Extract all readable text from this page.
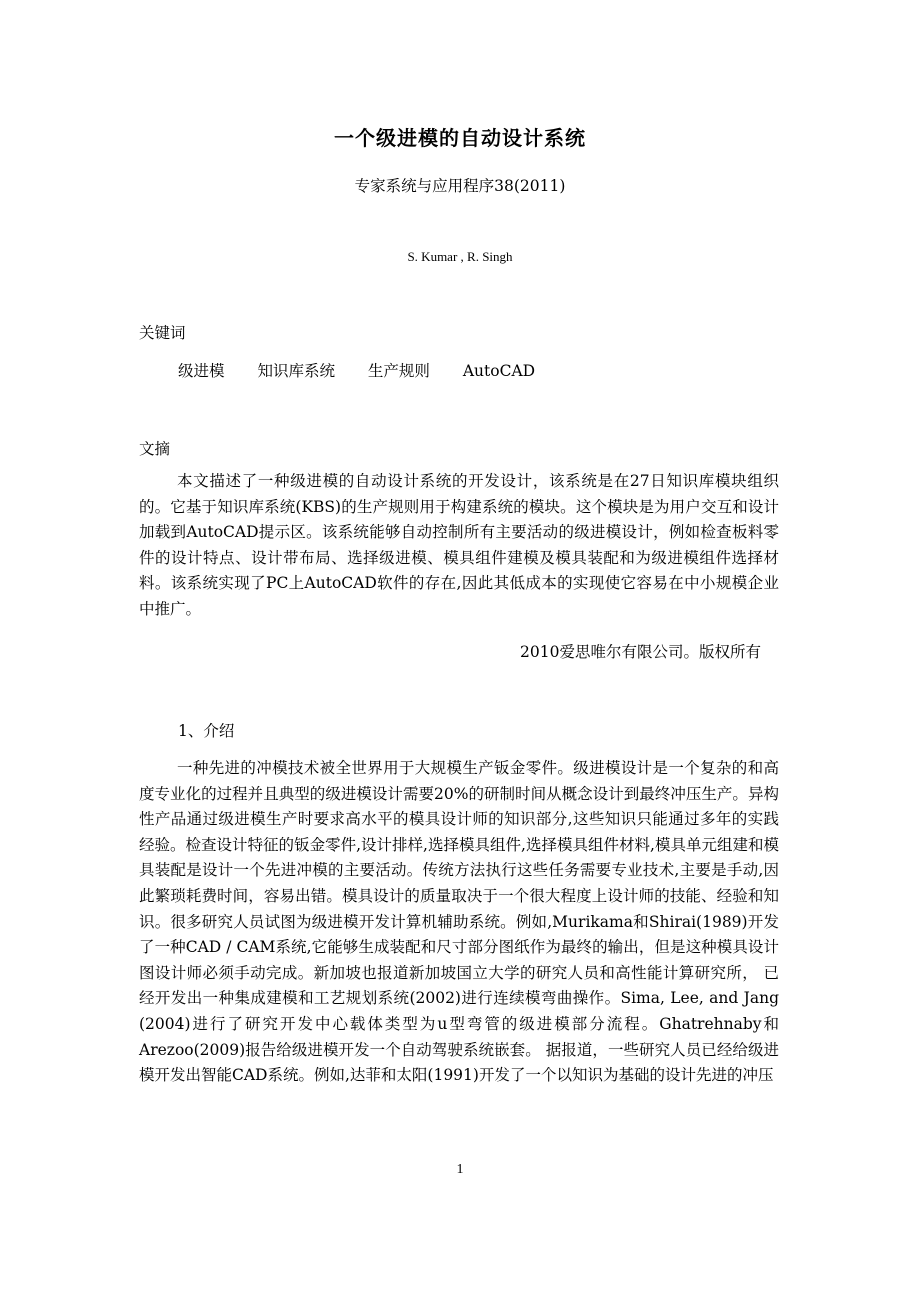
一个级进模的自动设计系统
专家系统与应用程序38(2011)
S. Kumar , R. Singh
关键词
级进模 知识库系统 生产规则 AutoCAD
文摘

本文描述了一种级进模的自动设计系统的开发设计，该系统是在27日知识库模块组织的。它基于知识库系统(KBS)的生产规则用于构建系统的模块。这个模块是为用户交互和设计加载到AutoCAD提示区。该系统能够自动控制所有主要活动的级进模设计，例如检查板料零件的设计特点、设计带布局、选择级进模、模具组件建模及模具装配和为级进模组件选择材料。该系统实现了PC上AutoCAD软件的存在,因此其低成本的实现使它容易在中小规模企业中推广。

2010爱思唯尔有限公司。版权所有
1、介绍

一种先进的冲模技术被全世界用于大规模生产钣金零件。级进模设计是一个复杂的和高度专业化的过程并且典型的级进模设计需要20%的研制时间从概念设计到最终冲压生产。异构性产品通过级进模生产时要求高水平的模具设计师的知识部分,这些知识只能通过多年的实践经验。检查设计特征的钣金零件,设计排样,选择模具组件,选择模具组件材料,模具单元组建和模具装配是设计一个先进冲模的主要活动。传统方法执行这些任务需要专业技术,主要是手动,因此繁琐耗费时间，容易出错。模具设计的质量取决于一个很大程度上设计师的技能、经验和知识。很多研究人员试图为级进模开发计算机辅助系统。例如,Murikama和Shirai(1989)开发了一种CAD / CAM系统,它能够生成装配和尺寸部分图纸作为最终的输出，但是这种模具设计图设计师必须手动完成。新加坡也报道新加坡国立大学的研究人员和高性能计算研究所， 已经开发出一种集成建模和工艺规划系统(2002)进行连续模弯曲操作。Sima, Lee, and Jang (2004)进行了研究开发中心载体类型为u型弯管的级进模部分流程。Ghatrehnaby和Arezoo(2009)报告给级进模开发一个自动驾驶系统嵌套。 据报道，一些研究人员已经给级进模开发出智能CAD系统。例如,达菲和太阳(1991)开发了一个以知识为基础的设计先进的冲压

1
